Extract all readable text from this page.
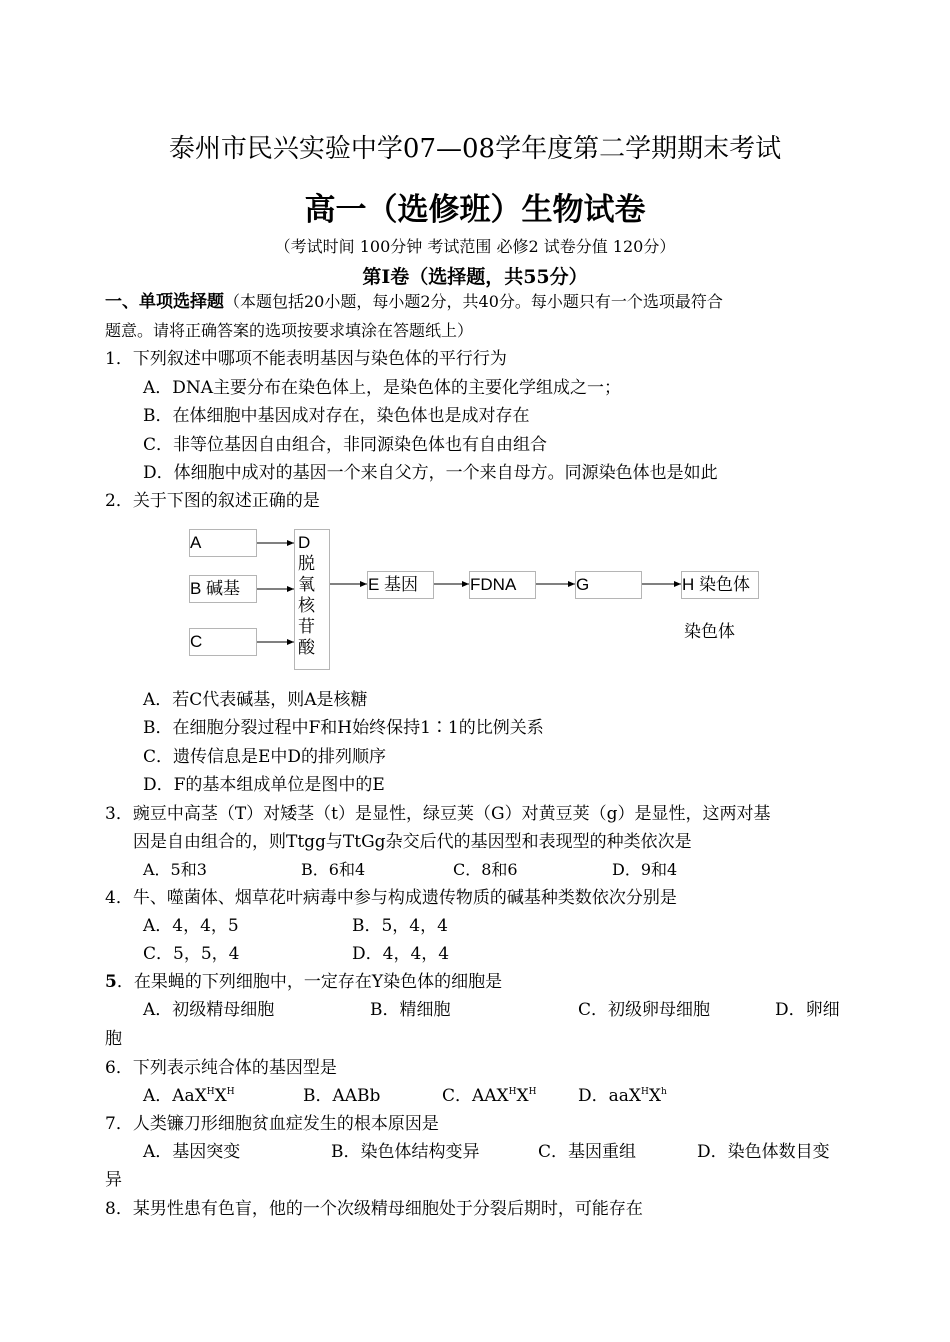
泰州市民兴实验中学07—08学年度第二学期期末考试
高一（选修班）生物试卷
（考试时间 100分钟 考试范围 必修2 试卷分值 120分）
第Ⅰ卷（选择题，共55分）
一、单项选择题（本题包括20小题，每小题2分，共40分。每小题只有一个选项最符合
题意。请将正确答案的选项按要求填涂在答题纸上）
1．下列叙述中哪项不能表明基因与染色体的平行行为
A．DNA主要分布在染色体上，是染色体的主要化学组成之一；
B．在体细胞中基因成对存在，染色体也是成对存在
C．非等位基因自由组合，非同源染色体也有自由组合
D．体细胞中成对的基因一个来自父方，一个来自母方。同源染色体也是如此
2．关于下图的叙述正确的是
A
B 碱基
C
D脱氧核苷酸
E 基因	FDNA	G	H 染色体
染色体
A．若C代表碱基，则A是核糖
B．在细胞分裂过程中F和H始终保持1∶1的比例关系
C．遗传信息是E中D的排列顺序
D．F的基本组成单位是图中的E
3．豌豆中高茎（T）对矮茎（t）是显性，绿豆荚（G）对黄豆荚（g）是显性，这两对基
因是自由组合的，则Ttgg与TtGg杂交后代的基因型和表现型的种类依次是
A．5和3	B．6和4	C．8和6	D．9和4
4．牛、噬菌体、烟草花叶病毒中参与构成遗传物质的碱基种类数依次分别是
A．4，4，5	B．5，4，4
C．5，5，4	D．4，4，4
5．在果蝇的下列细胞中，一定存在Y染色体的细胞是
A．初级精母细胞	B．精细胞	C．初级卵母细胞	D．卵细
胞
6．下列表示纯合体的基因型是
A．$AaX^HX^H$	B．AABb	C．$AAX^HX^H$ D．$aaX^HX^h$
7．人类镰刀形细胞贫血症发生的根本原因是
A．基因突变	B．染色体结构变异	C．基因重组	D．染色体数目变
异
8．某男性患有色盲，他的一个次级精母细胞处于分裂后期时，可能存在
